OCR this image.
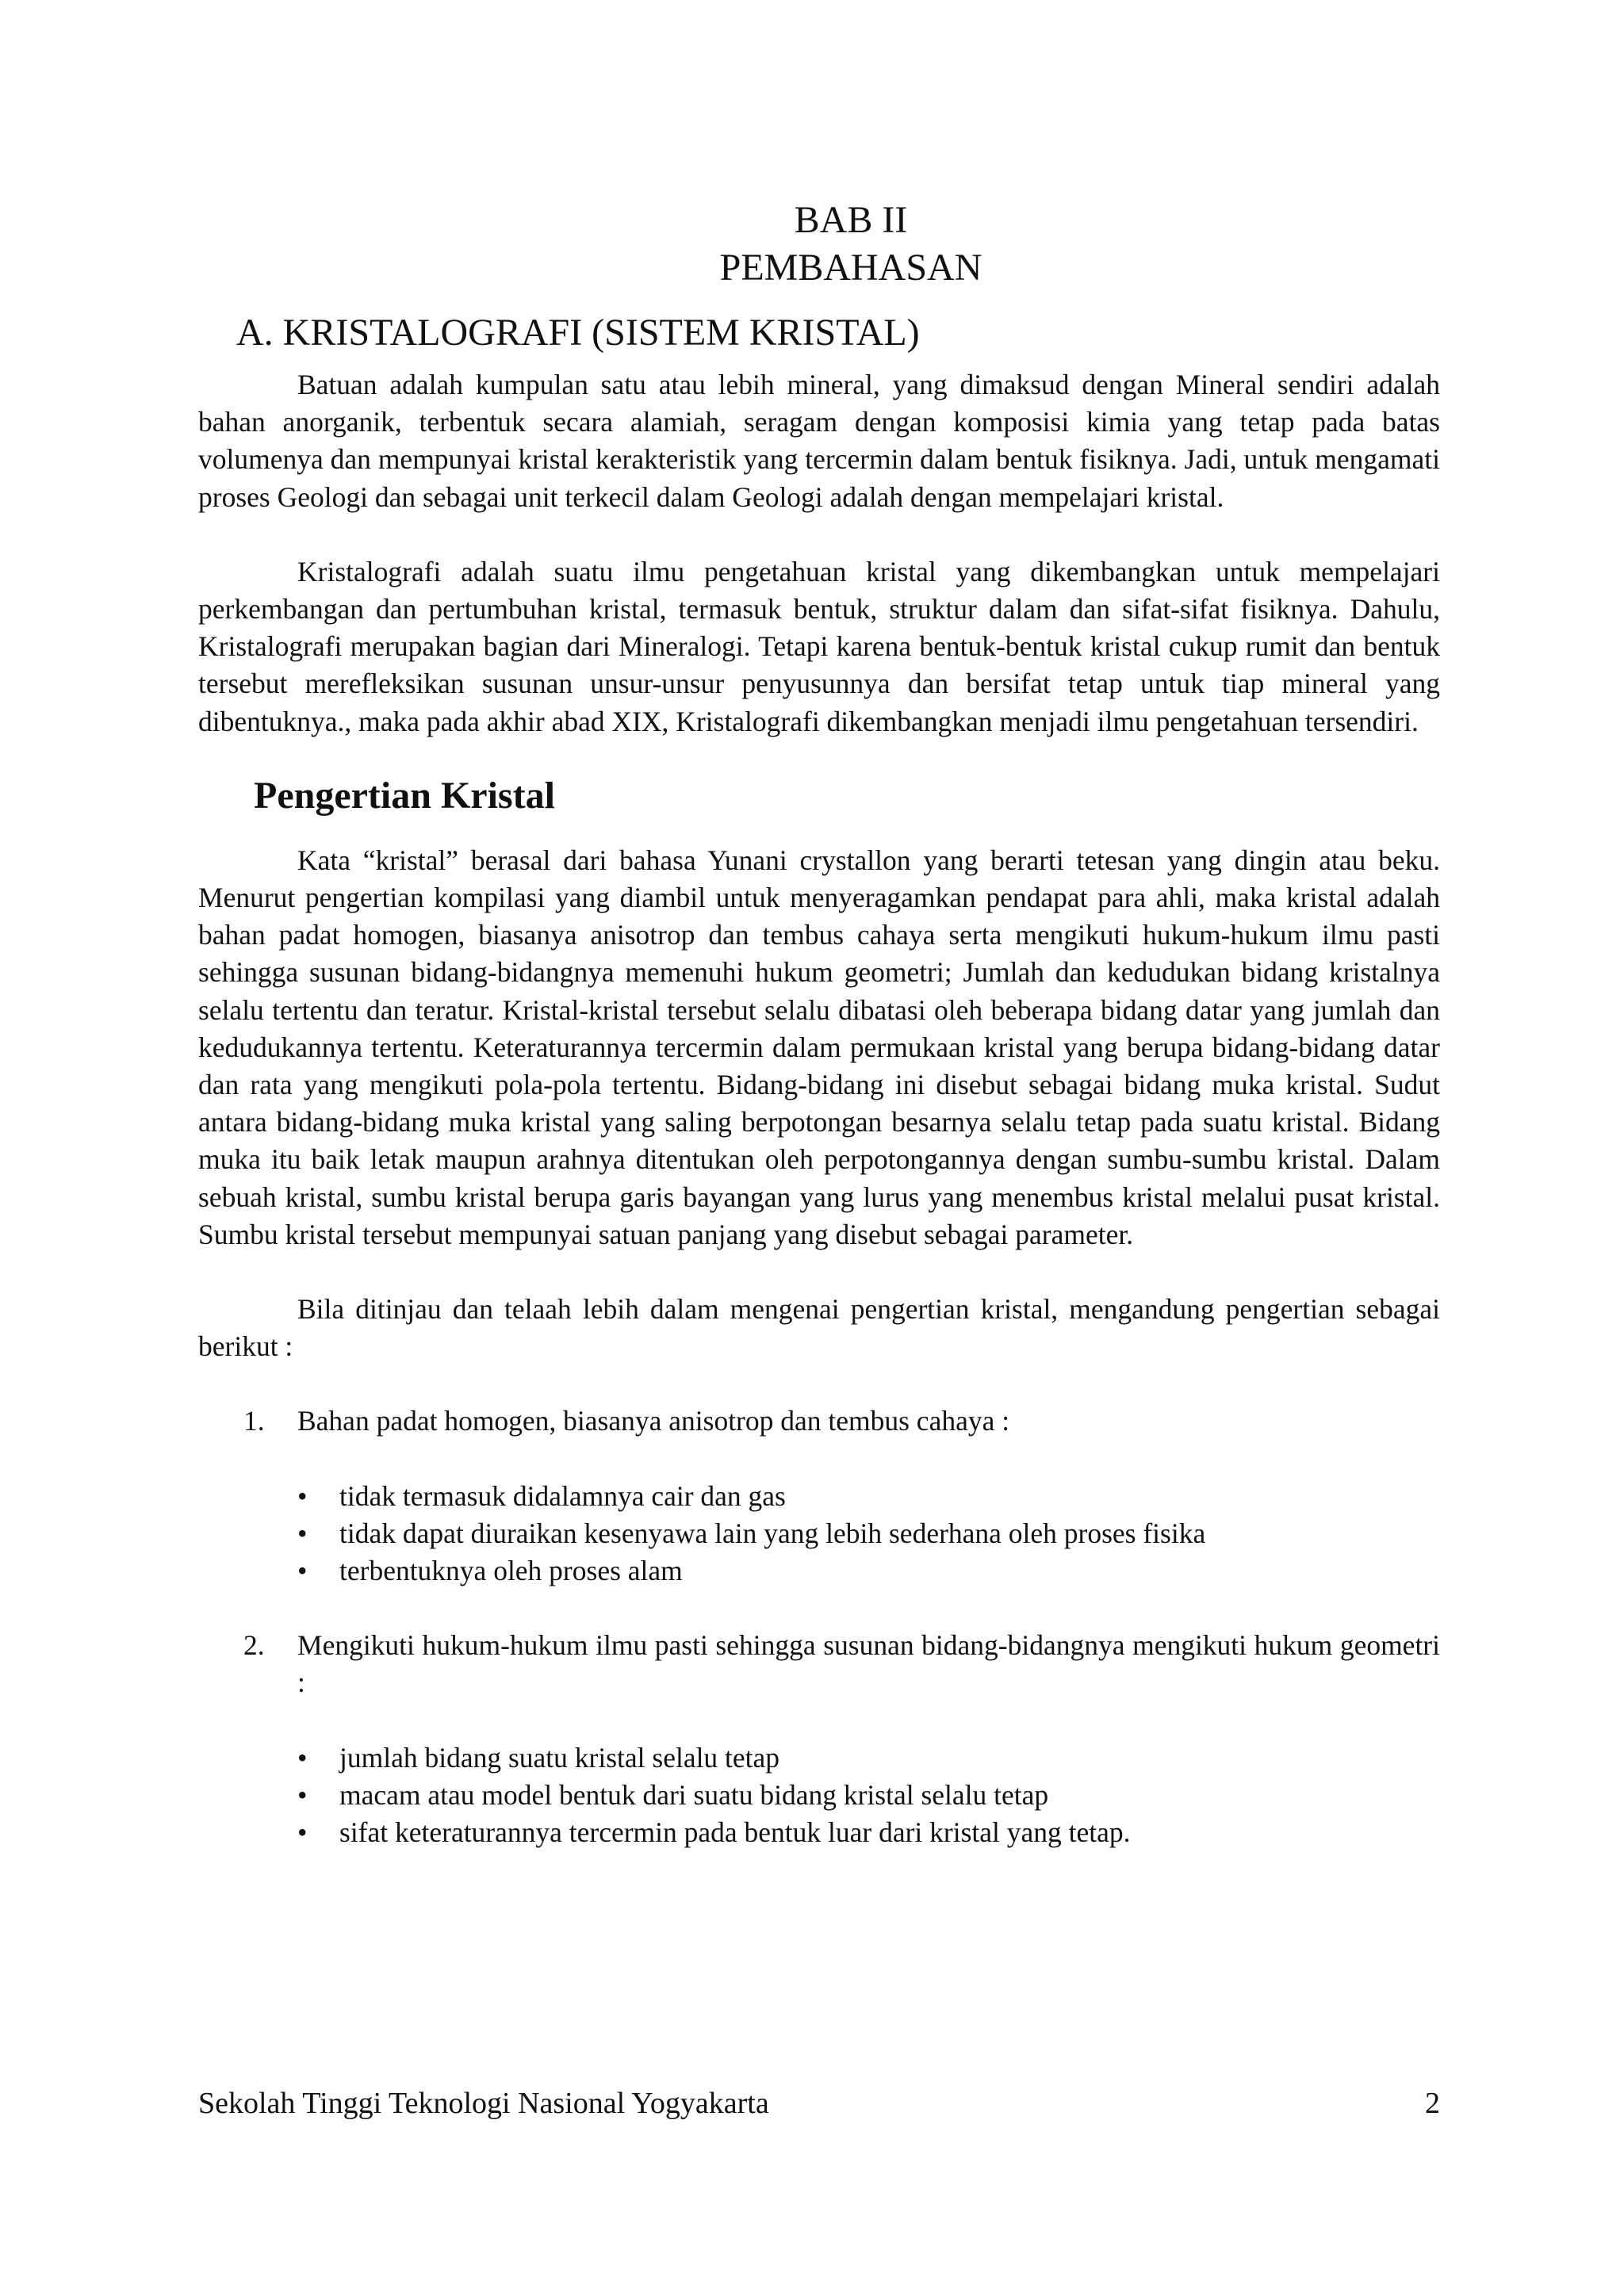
BAB II
PEMBAHASAN
A. KRISTALOGRAFI (SISTEM KRISTAL)

Batuan adalah kumpulan satu atau lebih mineral, yang dimaksud dengan Mineral sendiri adalah bahan anorganik, terbentuk secara alamiah, seragam dengan komposisi kimia yang tetap pada batas volumenya dan mempunyai kristal kerakteristik yang tercermin dalam bentuk fisiknya. Jadi, untuk mengamati proses Geologi dan sebagai unit terkecil dalam Geologi adalah dengan mempelajari kristal.

Kristalografi adalah suatu ilmu pengetahuan kristal yang dikembangkan untuk mempelajari perkembangan dan pertumbuhan kristal, termasuk bentuk, struktur dalam dan sifat-sifat fisiknya. Dahulu, Kristalografi merupakan bagian dari Mineralogi. Tetapi karena bentuk-bentuk kristal cukup rumit dan bentuk tersebut merefleksikan susunan unsur-unsur penyusunnya dan bersifat tetap untuk tiap mineral yang dibentuknya., maka pada akhir abad XIX, Kristalografi dikembangkan menjadi ilmu pengetahuan tersendiri.

Pengertian Kristal

Kata “kristal” berasal dari bahasa Yunani crystallon yang berarti tetesan yang dingin atau beku. Menurut pengertian kompilasi yang diambil untuk menyeragamkan pendapat para ahli, maka kristal adalah bahan padat homogen, biasanya anisotrop dan tembus cahaya serta mengikuti hukum-hukum ilmu pasti sehingga susunan bidang-bidangnya memenuhi hukum geometri; Jumlah dan kedudukan bidang kristalnya selalu tertentu dan teratur. Kristal-kristal tersebut selalu dibatasi oleh beberapa bidang datar yang jumlah dan kedudukannya tertentu. Keteraturannya tercermin dalam permukaan kristal yang berupa bidang-bidang datar dan rata yang mengikuti pola-pola tertentu. Bidang-bidang ini disebut sebagai bidang muka kristal. Sudut antara bidang-bidang muka kristal yang saling berpotongan besarnya selalu tetap pada suatu kristal. Bidang muka itu baik letak maupun arahnya ditentukan oleh perpotongannya dengan sumbu-sumbu kristal. Dalam sebuah kristal, sumbu kristal berupa garis bayangan yang lurus yang menembus kristal melalui pusat kristal. Sumbu kristal tersebut mempunyai satuan panjang yang disebut sebagai parameter.

Bila ditinjau dan telaah lebih dalam mengenai pengertian kristal, mengandung pengertian sebagai berikut :

1.	Bahan padat homogen, biasanya anisotrop dan tembus cahaya :
•	tidak termasuk didalamnya cair dan gas
•	tidak dapat diuraikan kesenyawa lain yang lebih sederhana oleh proses fisika
•	terbentuknya oleh proses alam
2.	Mengikuti hukum-hukum ilmu pasti sehingga susunan bidang-bidangnya mengikuti hukum geometri :
•	jumlah bidang suatu kristal selalu tetap
•	macam atau model bentuk dari suatu bidang kristal selalu tetap
•	sifat keteraturannya tercermin pada bentuk luar dari kristal yang tetap.
Sekolah Tinggi Teknologi Nasional Yogyakarta	2
